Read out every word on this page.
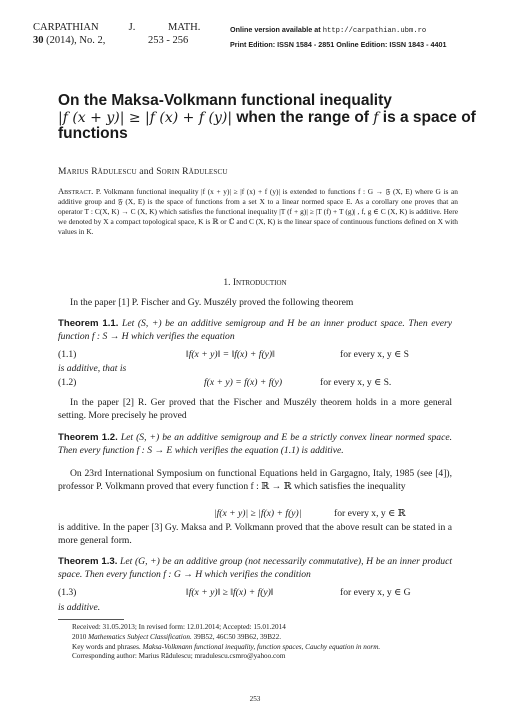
CARPATHIAN	J.	MATH.
30 (2014), No. 2,	253 - 256
Online version available at http://carpathian.ubm.ro
Print Edition: ISSN 1584 - 2851 Online Edition: ISSN 1843 - 4401
On the Maksa-Volkmann functional inequality
|f (x + y)| ≥ |f (x) + f (y)| when the range of f is a space of
functions
Marius Rădulescu and Sorin Rădulescu
Abstract. P. Volkmann functional inequality |f (x + y)| ≥ |f (x) + f (y)| is extended to functions f : G → 𝔉 (X, E) where G is an additive group and 𝔉 (X, E) is the space of functions from a set X to a linear normed space E. As a corollary one proves that an operator T : C(X, K) → C (X, K) which satisfies the functional inequality |T (f + g)| ≥ |T (f) + T (g)| , f, g ∈ C (X, K) is additive. Here we denoted by X a compact topological space, K is ℝ or ℂ and C (X, K) is the linear space of continuous functions defined on X with values in K.
1. Introduction
In the paper [1] P. Fischer and Gy. Muszély proved the following theorem
Theorem 1.1. Let (S, +) be an additive semigroup and H be an inner product space. Then every function f : S → H which verifies the equation
(1.1)	‖f(x + y)‖ = ‖f(x) + f(y)‖	for every x, y ∈ S
is additive, that is
(1.2)	f(x + y) = f(x) + f(y)	for every x, y ∈ S.
In the paper [2] R. Ger proved that the Fischer and Muszély theorem holds in a more general setting. More precisely he proved
Theorem 1.2. Let (S, +) be an additive semigroup and E be a strictly convex linear normed space. Then every function f : S → E which verifies the equation (1.1) is additive.
On 23rd International Symposium on functional Equations held in Gargagno, Italy, 1985 (see [4]), professor P. Volkmann proved that every function f : ℝ → ℝ which satisfies the inequality
|f(x + y)| ≥ |f(x) + f(y)|	for every x, y ∈ ℝ
is additive. In the paper [3] Gy. Maksa and P. Volkmann proved that the above result can be stated in a more general form.
Theorem 1.3. Let (G, +) be an additive group (not necessarily commutative), H be an inner product space. Then every function f : G → H which verifies the condition
(1.3)	‖f(x + y)‖ ≥ ‖f(x) + f(y)‖	for every x, y ∈ G
is additive.
Received: 31.05.2013; In revised form: 12.01.2014; Accepted: 15.01.2014
2010 Mathematics Subject Classification. 39B52, 46C50 39B62, 39B22.
Key words and phrases. Maksa-Volkmann functional inequality, function spaces, Cauchy equation in norm.
Corresponding author: Marius Rădulescu; mradulescu.csmro@yahoo.com
253
